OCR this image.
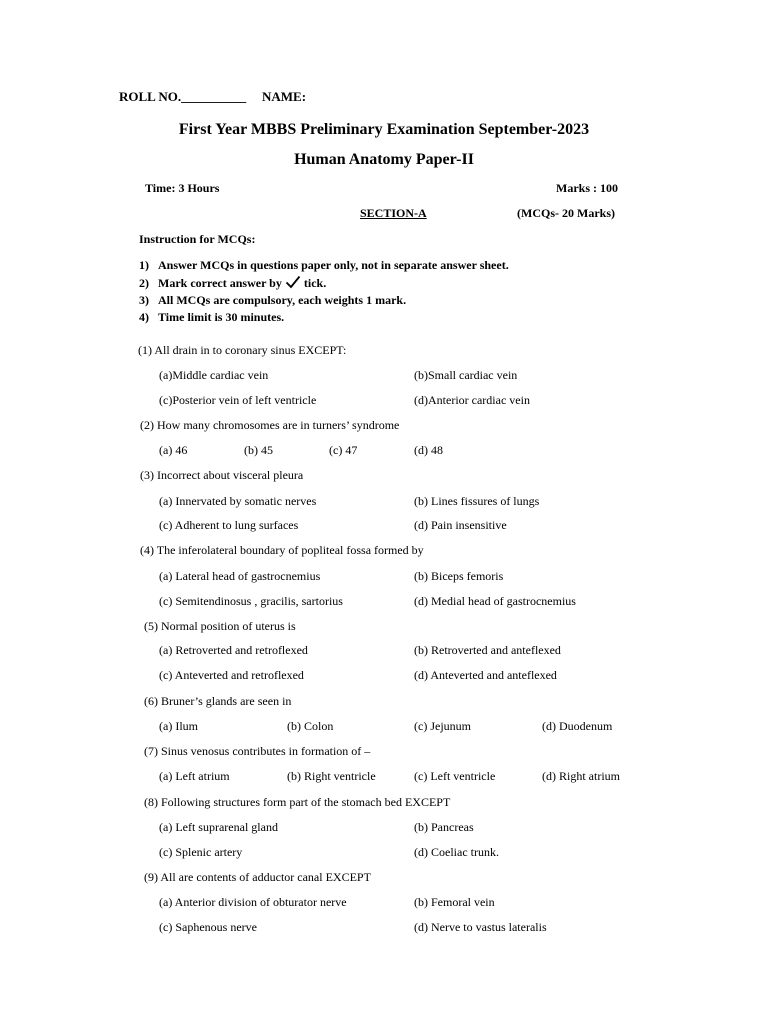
ROLL NO.__________ NAME:
First Year MBBS Preliminary Examination September-2023
Human Anatomy Paper-II
Time: 3 Hours	Marks : 100
SECTION-A	(MCQs- 20 Marks)
Instruction for MCQs:
1) Answer MCQs in questions paper only, not in separate answer sheet.
2) Mark correct answer by tick.
3) All MCQs are compulsory, each weights 1 mark.
4) Time limit is 30 minutes.
(1) All drain in to coronary sinus EXCEPT:
(a)Middle cardiac vein	(b)Small cardiac vein
(c)Posterior vein of left ventricle	(d)Anterior cardiac vein
(2) How many chromosomes are in turners’ syndrome
(a) 46	(b) 45	(c) 47	(d) 48
(3) Incorrect about visceral pleura
(a) Innervated by somatic nerves	(b) Lines fissures of lungs
(c) Adherent to lung surfaces	(d) Pain insensitive
(4) The inferolateral boundary of popliteal fossa formed by
(a) Lateral head of gastrocnemius	(b) Biceps femoris
(c) Semitendinosus , gracilis, sartorius	(d) Medial head of gastrocnemius
(5) Normal position of uterus is
(a) Retroverted and retroflexed	(b) Retroverted and anteflexed
(c) Anteverted and retroflexed	(d) Anteverted and anteflexed
(6) Bruner’s glands are seen in
(a) Ilum	(b) Colon	(c) Jejunum	(d) Duodenum
(7) Sinus venosus contributes in formation of –
(a) Left atrium	(b) Right ventricle	(c) Left ventricle	(d) Right atrium
(8) Following structures form part of the stomach bed EXCEPT
(a) Left suprarenal gland	(b) Pancreas
(c) Splenic artery	(d) Coeliac trunk.
(9) All are contents of adductor canal EXCEPT
(a) Anterior division of obturator nerve	(b) Femoral vein
(c) Saphenous nerve	(d) Nerve to vastus lateralis
